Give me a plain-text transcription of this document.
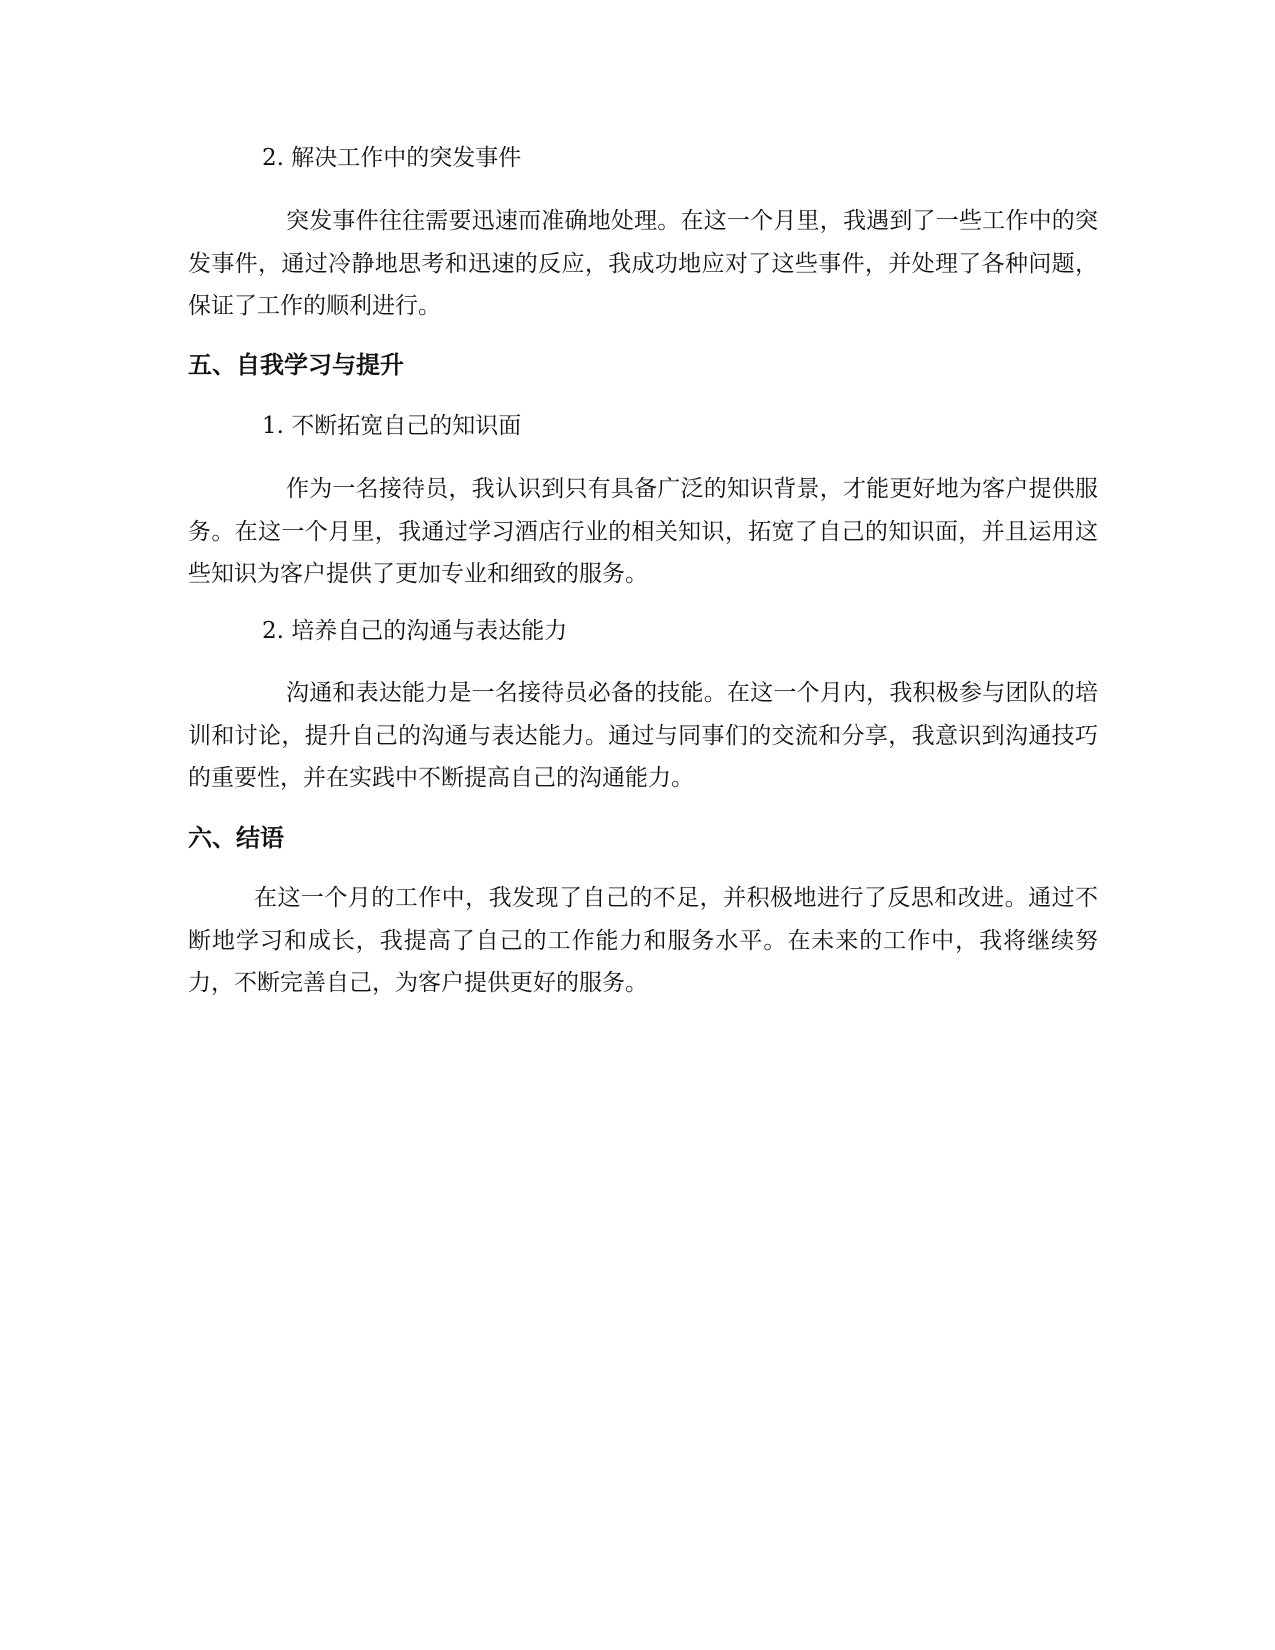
2. 解决工作中的突发事件
突发事件往往需要迅速而准确地处理。在这一个月里，我遇到了一些工作中的突发事件，通过冷静地思考和迅速的反应，我成功地应对了这些事件，并处理了各种问题，保证了工作的顺利进行。
五、自我学习与提升
1. 不断拓宽自己的知识面
作为一名接待员，我认识到只有具备广泛的知识背景，才能更好地为客户提供服务。在这一个月里，我通过学习酒店行业的相关知识，拓宽了自己的知识面，并且运用这些知识为客户提供了更加专业和细致的服务。
2. 培养自己的沟通与表达能力
沟通和表达能力是一名接待员必备的技能。在这一个月内，我积极参与团队的培训和讨论，提升自己的沟通与表达能力。通过与同事们的交流和分享，我意识到沟通技巧的重要性，并在实践中不断提高自己的沟通能力。
六、结语
在这一个月的工作中，我发现了自己的不足，并积极地进行了反思和改进。通过不断地学习和成长，我提高了自己的工作能力和服务水平。在未来的工作中，我将继续努力，不断完善自己，为客户提供更好的服务。
